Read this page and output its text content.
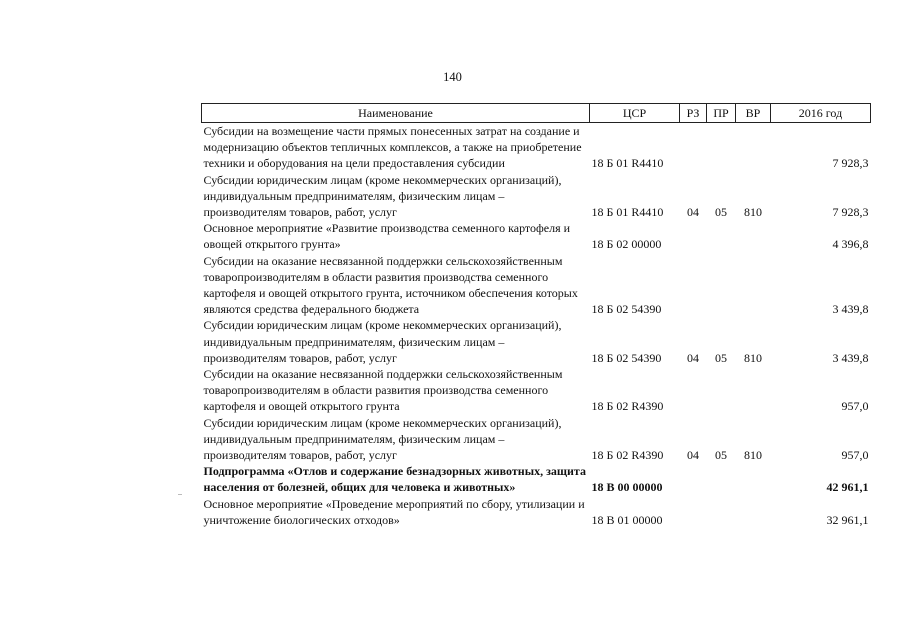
140
Наименование	ЦСР	РЗ	ПР	ВР	2016 год
Субсидии на возмещение части прямых понесенных затрат на создание и модернизацию объектов тепличных комплексов, а также на приобретение техники и оборудования на цели предоставления субсидии	18 Б 01 R4410				7 928,3
Субсидии юридическим лицам (кроме некоммерческих организаций), индивидуальным предпринимателям, физическим лицам – производителям товаров, работ, услуг	18 Б 01 R4410	04	05	810	7 928,3
Основное мероприятие «Развитие производства семенного картофеля и овощей открытого грунта»	18 Б 02 00000				4 396,8
Субсидии на оказание несвязанной поддержки сельскохозяйственным товаропроизводителям в области развития производства семенного картофеля и овощей открытого грунта, источником обеспечения которых являются средства федерального бюджета	18 Б 02 54390				3 439,8
Субсидии юридическим лицам (кроме некоммерческих организаций), индивидуальным предпринимателям, физическим лицам – производителям товаров, работ, услуг	18 Б 02 54390	04	05	810	3 439,8
Субсидии на оказание несвязанной поддержки сельскохозяйственным товаропроизводителям в области развития производства семенного картофеля и овощей открытого грунта	18 Б 02 R4390				957,0
Субсидии юридическим лицам (кроме некоммерческих организаций), индивидуальным предпринимателям, физическим лицам – производителям товаров, работ, услуг	18 Б 02 R4390	04	05	810	957,0
Подпрограмма «Отлов и содержание безнадзорных животных, защита населения от болезней, общих для человека и животных»	18 В 00 00000				42 961,1
Основное мероприятие «Проведение мероприятий по сбору, утилизации и уничтожение биологических отходов»	18 В 01 00000				32 961,1
